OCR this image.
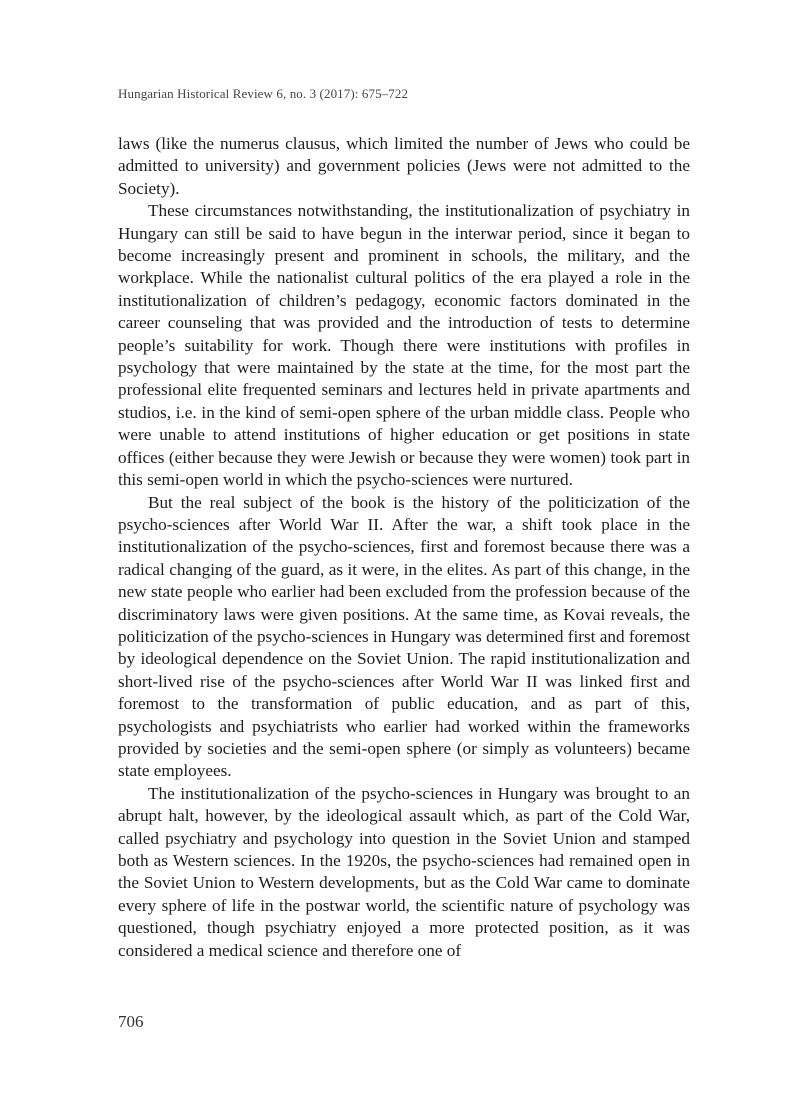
Hungarian Historical Review 6, no. 3 (2017): 675–722

laws (like the numerus clausus, which limited the number of Jews who could be admitted to university) and government policies (Jews were not admitted to the Society).

These circumstances notwithstanding, the institutionalization of psychiatry in Hungary can still be said to have begun in the interwar period, since it began to become increasingly present and prominent in schools, the military, and the workplace. While the nationalist cultural politics of the era played a role in the institutionalization of children’s pedagogy, economic factors dominated in the career counseling that was provided and the introduction of tests to determine people’s suitability for work. Though there were institutions with profiles in psychology that were maintained by the state at the time, for the most part the professional elite frequented seminars and lectures held in private apartments and studios, i.e. in the kind of semi-open sphere of the urban middle class. People who were unable to attend institutions of higher education or get positions in state offices (either because they were Jewish or because they were women) took part in this semi-open world in which the psycho-sciences were nurtured.

But the real subject of the book is the history of the politicization of the psycho-sciences after World War II. After the war, a shift took place in the institutionalization of the psycho-sciences, first and foremost because there was a radical changing of the guard, as it were, in the elites. As part of this change, in the new state people who earlier had been excluded from the profession because of the discriminatory laws were given positions. At the same time, as Kovai reveals, the politicization of the psycho-sciences in Hungary was determined first and foremost by ideological dependence on the Soviet Union. The rapid institutionalization and short-lived rise of the psycho-sciences after World War II was linked first and foremost to the transformation of public education, and as part of this, psychologists and psychiatrists who earlier had worked within the frameworks provided by societies and the semi-open sphere (or simply as volunteers) became state employees.

The institutionalization of the psycho-sciences in Hungary was brought to an abrupt halt, however, by the ideological assault which, as part of the Cold War, called psychiatry and psychology into question in the Soviet Union and stamped both as Western sciences. In the 1920s, the psycho-sciences had remained open in the Soviet Union to Western developments, but as the Cold War came to dominate every sphere of life in the postwar world, the scientific nature of psychology was questioned, though psychiatry enjoyed a more protected position, as it was considered a medical science and therefore one of

706
